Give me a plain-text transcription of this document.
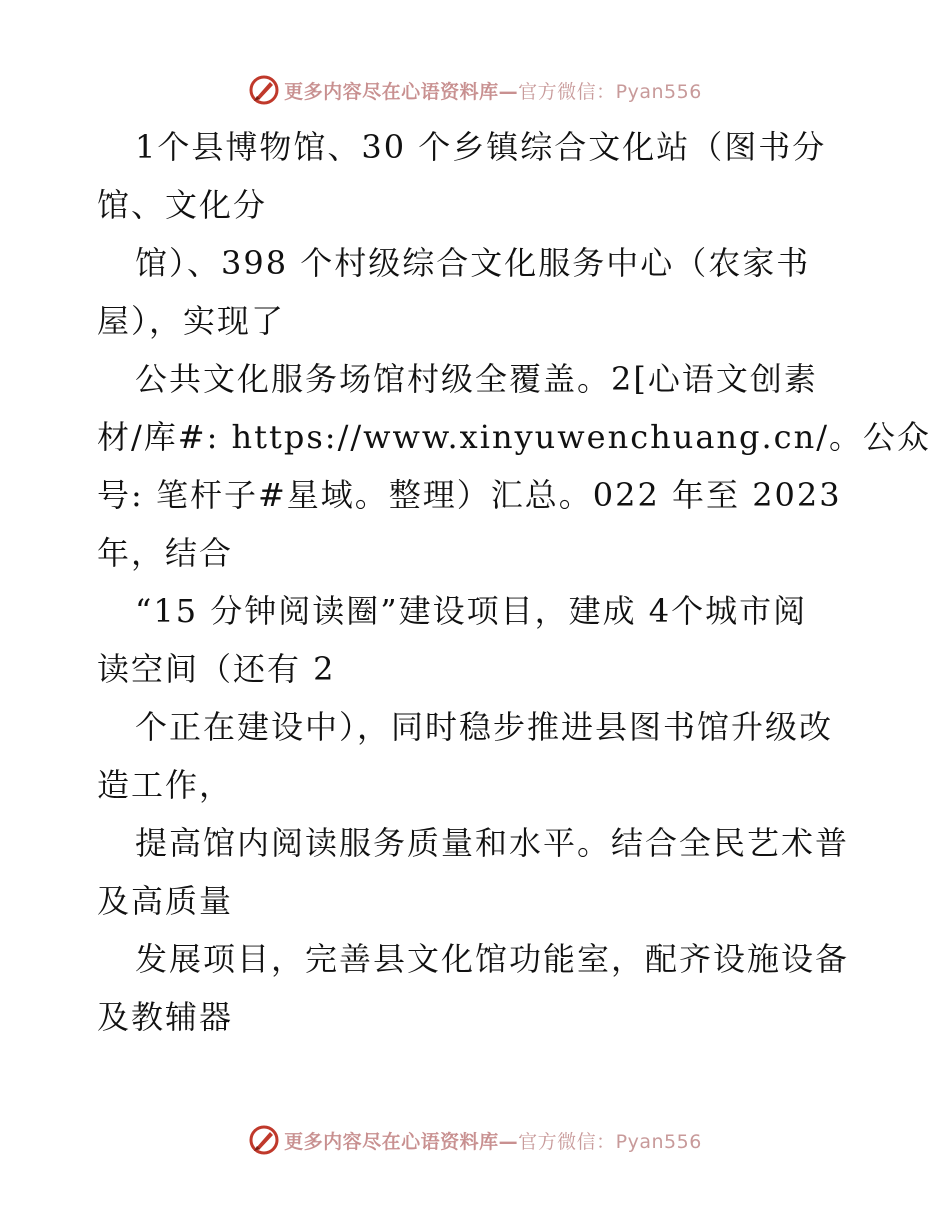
更多内容尽在心语资料库—官方微信：Pyan556
1个县博物馆、30 个乡镇综合文化站（图书分
馆、文化分
馆）、398 个村级综合文化服务中心（农家书
屋），实现了
公共文化服务场馆村级全覆盖。2[心语文创素
材/库#: https://www.xinyuwenchuang.cn/。公众
号: 笔杆子#星域。整理）汇总。022 年至 2023
年，结合
“15 分钟阅读圈”建设项目，建成 4个城市阅
读空间（还有 2
个正在建设中），同时稳步推进县图书馆升级改
造工作，
提高馆内阅读服务质量和水平。结合全民艺术普
及高质量
发展项目，完善县文化馆功能室，配齐设施设备
及教辅器
更多内容尽在心语资料库—官方微信：Pyan556
